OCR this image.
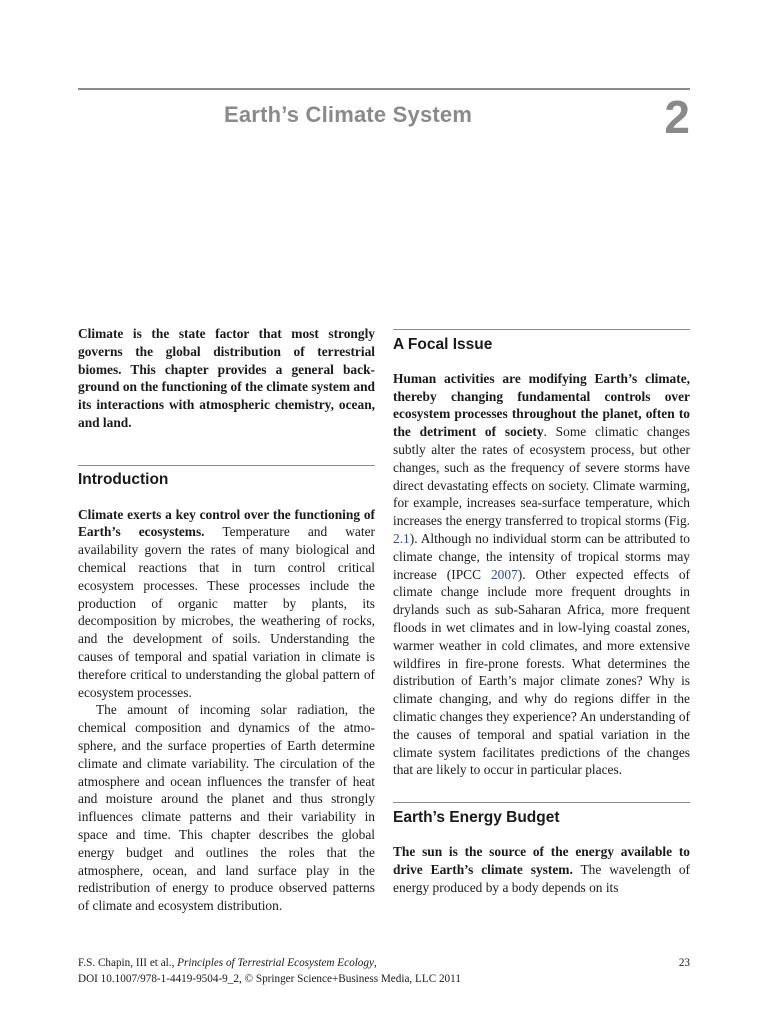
Earth’s Climate System	2

Climate is the state factor that most strongly governs the global distribution of terrestrial biomes. This chapter provides a general background on the functioning of the climate system and its interactions with atmospheric chemistry, ocean, and land.

Introduction

Climate exerts a key control over the functioning of Earth’s ecosystems. Temperature and water availability govern the rates of many biological and chemical reactions that in turn control critical ecosystem processes. These processes include the production of organic matter by plants, its decomposition by microbes, the weathering of rocks, and the development of soils. Understanding the causes of temporal and spatial variation in climate is therefore critical to understanding the global pattern of ecosystem processes.

The amount of incoming solar radiation, the chemical composition and dynamics of the atmosphere, and the surface properties of Earth determine climate and climate variability. The circulation of the atmosphere and ocean influences the transfer of heat and moisture around the planet and thus strongly influences climate patterns and their variability in space and time. This chapter describes the global energy budget and outlines the roles that the atmosphere, ocean, and land surface play in the redistribution of energy to produce observed patterns of climate and ecosystem distribution.

A Focal Issue

Human activities are modifying Earth’s climate, thereby changing fundamental controls over ecosystem processes throughout the planet, often to the detriment of society. Some climatic changes subtly alter the rates of ecosystem process, but other changes, such as the frequency of severe storms have direct devastating effects on society. Climate warming, for example, increases sea-surface temperature, which increases the energy transferred to tropical storms (Fig. 2.1). Although no individual storm can be attributed to climate change, the intensity of tropical storms may increase (IPCC 2007). Other expected effects of climate change include more frequent droughts in drylands such as sub-Saharan Africa, more frequent floods in wet climates and in low-lying coastal zones, warmer weather in cold climates, and more extensive wildfires in fire-prone forests. What determines the distribution of Earth’s major climate zones? Why is climate changing, and why do regions differ in the climatic changes they experience? An understanding of the causes of temporal and spatial variation in the climate system facilitates predictions of the changes that are likely to occur in particular places.

Earth’s Energy Budget

The sun is the source of the energy available to drive Earth’s climate system. The wavelength of energy produced by a body depends on its

F.S. Chapin, III et al., Principles of Terrestrial Ecosystem Ecology,
DOI 10.1007/978-1-4419-9504-9_2, © Springer Science+Business Media, LLC 2011
23
